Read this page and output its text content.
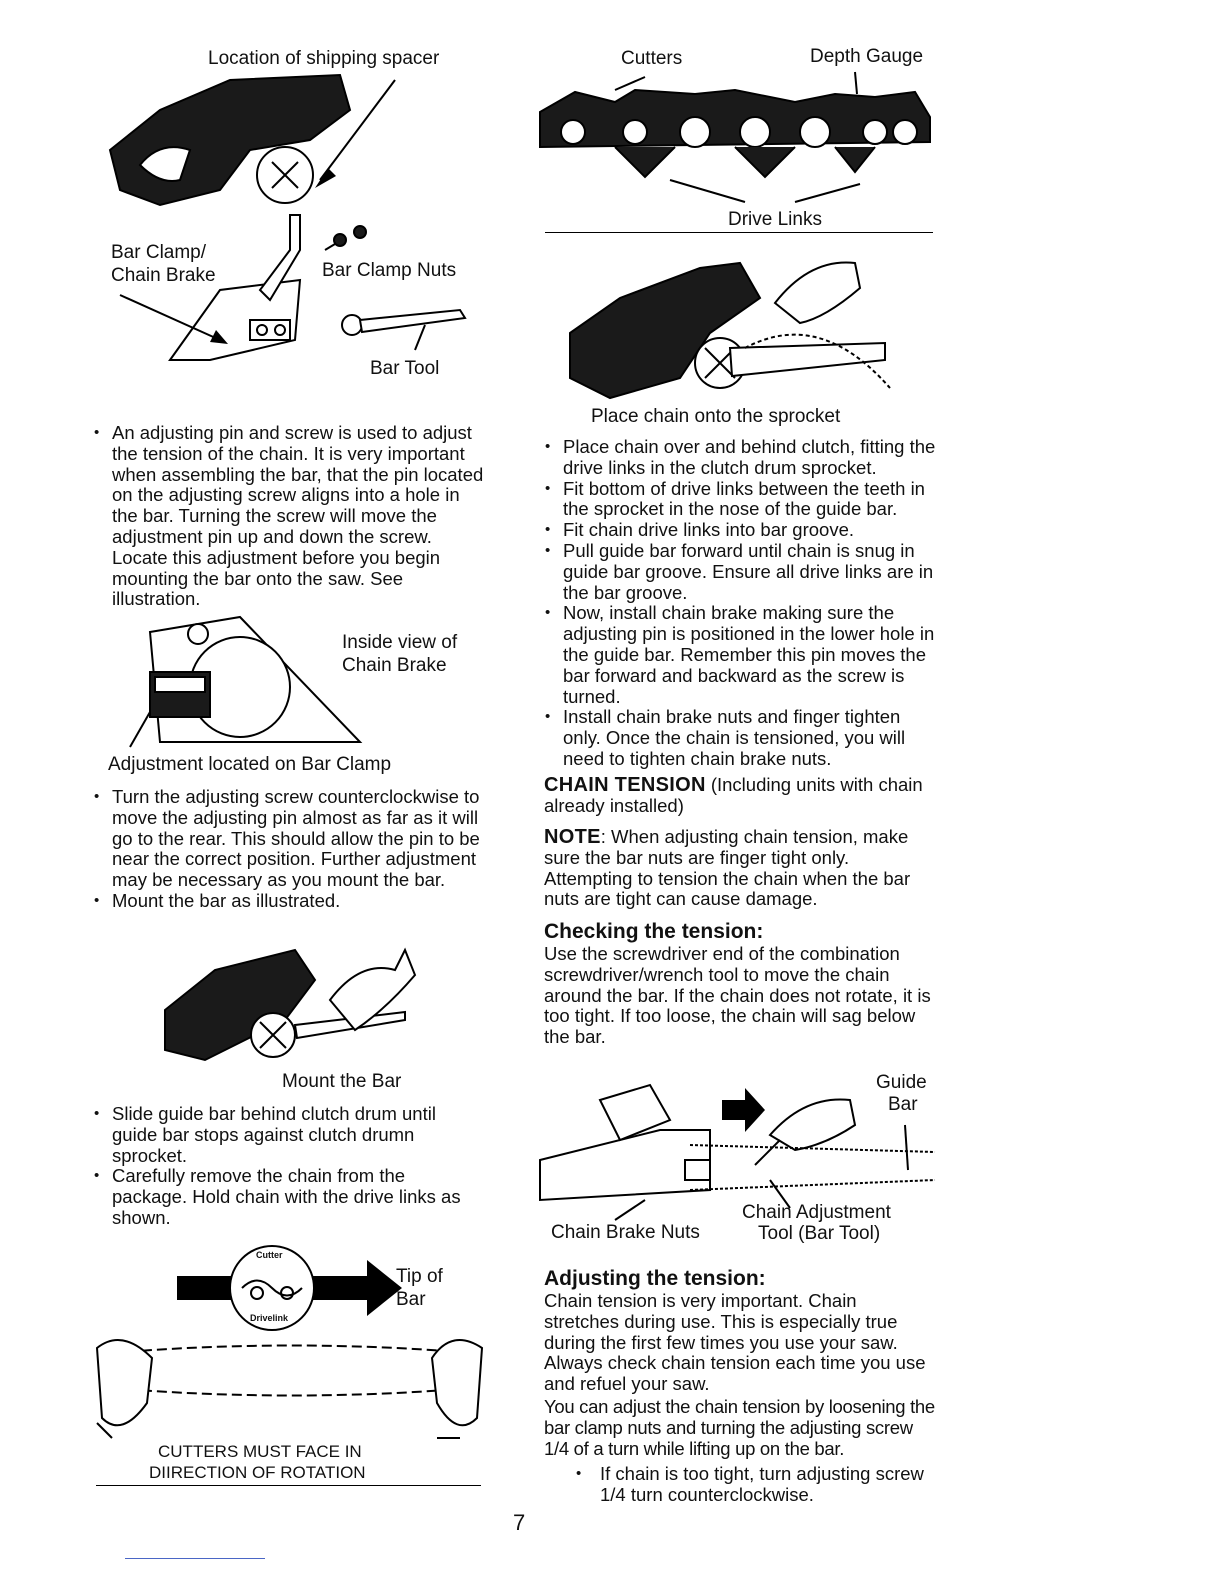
Location of shipping spacer
Bar Clamp/
Chain Brake	Bar Clamp Nuts
Bar Tool
• An adjusting pin and screw is used to adjust the tension of the chain. It is very important when assembling the bar, that the pin located on the adjusting screw aligns into a hole in the bar. Turning the screw will move the adjustment pin up and down the screw. Locate this adjustment before you begin mounting the bar onto the saw. See illustration.
Inside view of
Chain Brake
Adjustment located on Bar Clamp
• Turn the adjusting screw counterclockwise to move the adjusting pin almost as far as it will go to the rear. This should allow the pin to be near the correct position. Further adjustment may be necessary as you mount the bar.
• Mount the bar as illustrated.
Mount the Bar
• Slide guide bar behind clutch drum until guide bar stops against clutch drumn sprocket.
• Carefully remove the chain from the package. Hold chain with the drive links as shown.
Cutter
Drivelink
Tip of
Bar
CUTTERS MUST FACE IN
DIIRECTION OF ROTATION
Cutters	Depth Gauge
Drive Links
Place chain onto the sprocket
• Place chain over and behind clutch, fitting the drive links in the clutch drum sprocket.
• Fit bottom of drive links between the teeth in the sprocket in the nose of the guide bar.
• Fit chain drive links into bar groove.
• Pull guide bar forward until chain is snug in guide bar groove. Ensure all drive links are in the bar groove.
• Now, install chain brake making sure the adjusting pin is positioned in the lower hole in the guide bar. Remember this pin moves the bar forward and backward as the screw is turned.
• Install chain brake nuts and finger tighten only. Once the chain is tensioned, you will need to tighten chain brake nuts.
CHAIN TENSION (Including units with chain already installed)
NOTE: When adjusting chain tension, make sure the bar nuts are finger tight only. Attempting to tension the chain when the bar nuts are tight can cause damage.
Checking the tension:
Use the screwdriver end of the combination screwdriver/wrench tool to move the chain around the bar. If the chain does not rotate, it is too tight. If too loose, the chain will sag below the bar.
Guide
Bar
Chain Adjustment
Tool (Bar Tool)
Chain Brake Nuts
Adjusting the tension:
Chain tension is very important. Chain stretches during use. This is especially true during the first few times you use your saw. Always check chain tension each time you use and refuel your saw.
You can adjust the chain tension by loosening the bar clamp nuts and turning the adjusting screw 1/4 of a turn while lifting up on the bar.
• If chain is too tight, turn adjusting screw 1/4 turn counterclockwise.
7
